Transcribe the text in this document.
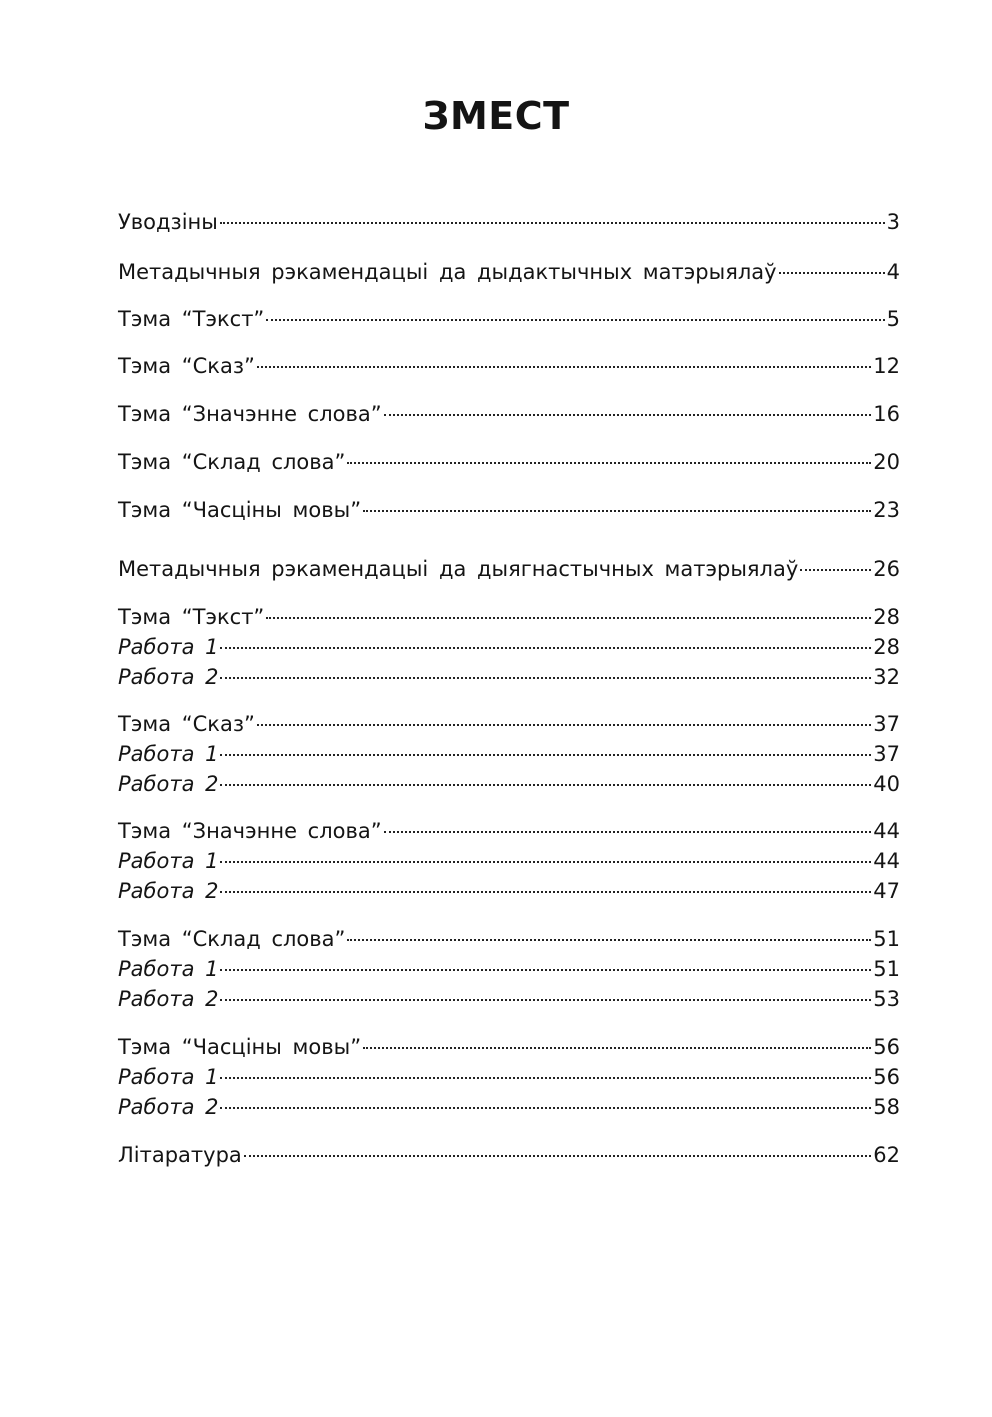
ЗМЕСТ
Уводзіны	3
Метадычныя рэкамендацыі да дыдактычных матэрыялаў	4
Тэма “Тэкст”	5
Тэма “Сказ”	12
Тэма “Значэнне слова”	16
Тэма “Склад слова”	20
Тэма “Часціны мовы”	23
Метадычныя рэкамендацыі да дыягнастычных матэрыялаў	26
Тэма “Тэкст”	28
Работа 1	28
Работа 2	32
Тэма “Сказ”	37
Работа 1	37
Работа 2	40
Тэма “Значэнне слова”	44
Работа 1	44
Работа 2	47
Тэма “Склад слова”	51
Работа 1	51
Работа 2	53
Тэма “Часціны мовы”	56
Работа 1	56
Работа 2	58
Літаратура	62
